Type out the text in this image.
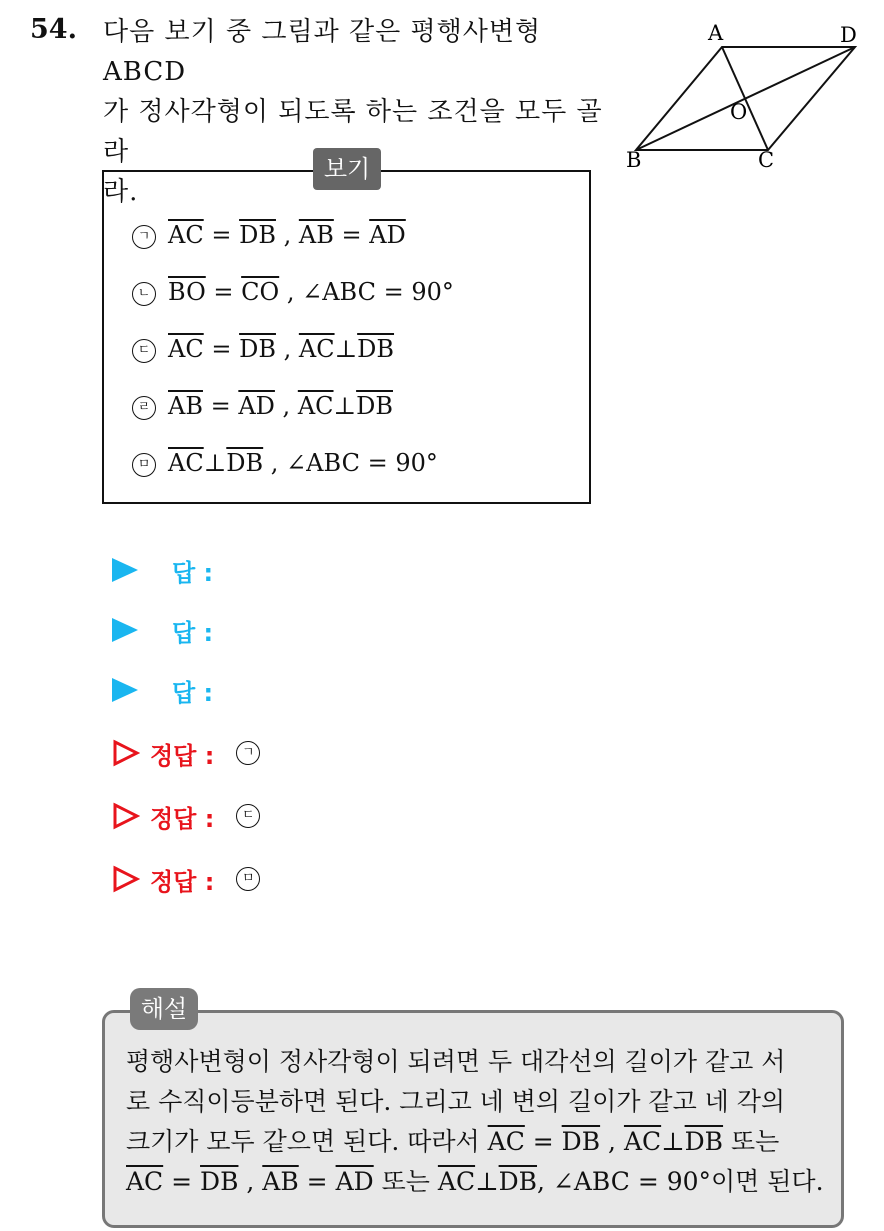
54. 다음 보기 중 그림과 같은 평행사변형 ABCD
가 정사각형이 되도록 하는 조건을 모두 골라
라.
A	D
B	C
O
보기
ㄱ $\overline{AC} = \overline{DB}$ , $\overline{AB} = \overline{AD}$
ㄴ $\overline{BO} = \overline{CO}$ , ∠ABC = 90°
ㄷ $\overline{AC} = \overline{DB}$ , $\overline{AC}\perp\overline{DB}$
ㄹ $\overline{AB} = \overline{AD}$ , $\overline{AC}\perp\overline{DB}$
ㅁ $\overline{AC}\perp\overline{DB}$ , ∠ABC = 90°
답 :
답 :
답 :
정답 :	ㄱ
정답 :	ㄷ
정답 :	ㅁ
해설
평행사변형이 정사각형이 되려면 두 대각선의 길이가 같고 서
로 수직이등분하면 된다. 그리고 네 변의 길이가 같고 네 각의
크기가 모두 같으면 된다. 따라서 $\overline{AC} = \overline{DB}$ , $\overline{AC}\perp\overline{DB}$ 또는
$\overline{AC} = \overline{DB}$ , $\overline{AB} = \overline{AD}$ 또는 $\overline{AC}\perp\overline{DB}$, ∠ABC = 90°이면 된다.
